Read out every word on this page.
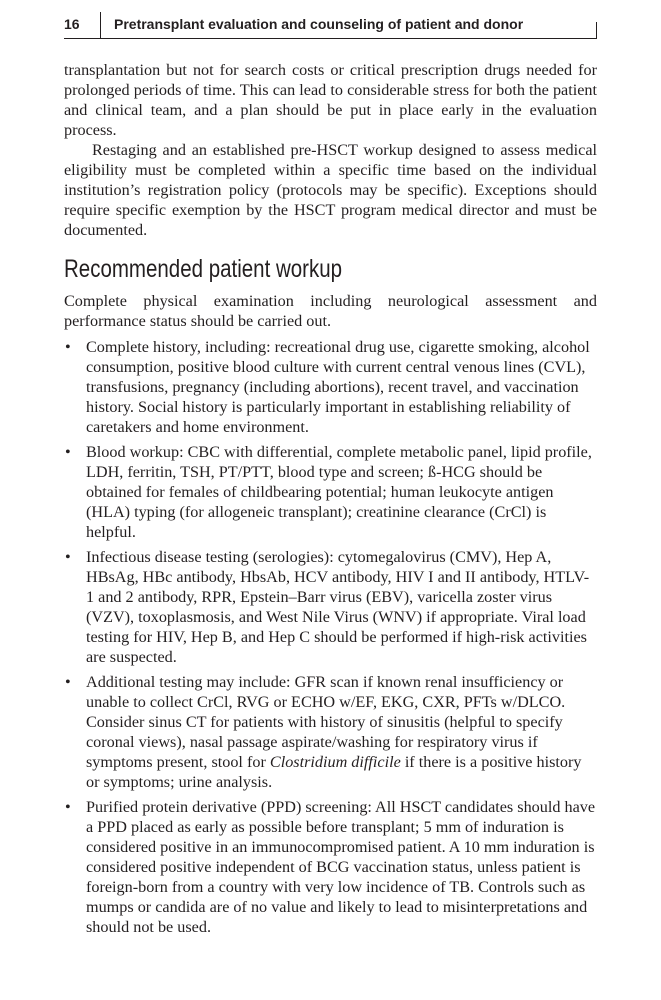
16 Pretransplant evaluation and counseling of patient and donor

transplantation but not for search costs or critical prescription drugs needed for prolonged periods of time. This can lead to considerable stress for both the patient and clinical team, and a plan should be put in place early in the evaluation process.

Restaging and an established pre-HSCT workup designed to assess medical eligibility must be completed within a specific time based on the individual institution’s registration policy (protocols may be specific). Exceptions should require specific exemption by the HSCT program medical director and must be documented.

Recommended patient workup

Complete physical examination including neurological assessment and performance status should be carried out.

• Complete history, including: recreational drug use, cigarette smoking, alcohol consumption, positive blood culture with current central venous lines (CVL), transfusions, pregnancy (including abortions), recent travel, and vaccination history. Social history is particularly important in establishing reliability of caretakers and home environment.
• Blood workup: CBC with differential, complete metabolic panel, lipid profile, LDH, ferritin, TSH, PT/PTT, blood type and screen; ß-HCG should be obtained for females of childbearing potential; human leukocyte antigen (HLA) typing (for allogeneic transplant); creatinine clearance (CrCl) is helpful.
• Infectious disease testing (serologies): cytomegalovirus (CMV), Hep A, HBsAg, HBc antibody, HbsAb, HCV antibody, HIV I and II antibody, HTLV-1 and 2 antibody, RPR, Epstein–Barr virus (EBV), varicella zoster virus (VZV), toxoplasmosis, and West Nile Virus (WNV) if appropriate. Viral load testing for HIV, Hep B, and Hep C should be performed if high-risk activities are suspected.
• Additional testing may include: GFR scan if known renal insufficiency or unable to collect CrCl, RVG or ECHO w/EF, EKG, CXR, PFTs w/DLCO. Consider sinus CT for patients with history of sinusitis (helpful to specify coronal views), nasal passage aspirate/washing for respiratory virus if symptoms present, stool for Clostridium difficile if there is a positive history or symptoms; urine analysis.
• Purified protein derivative (PPD) screening: All HSCT candidates should have a PPD placed as early as possible before transplant; 5 mm of induration is considered positive in an immunocompromised patient. A 10 mm induration is considered positive independent of BCG vaccination status, unless patient is foreign-born from a country with very low incidence of TB. Controls such as mumps or candida are of no value and likely to lead to misinterpretations and should not be used.
